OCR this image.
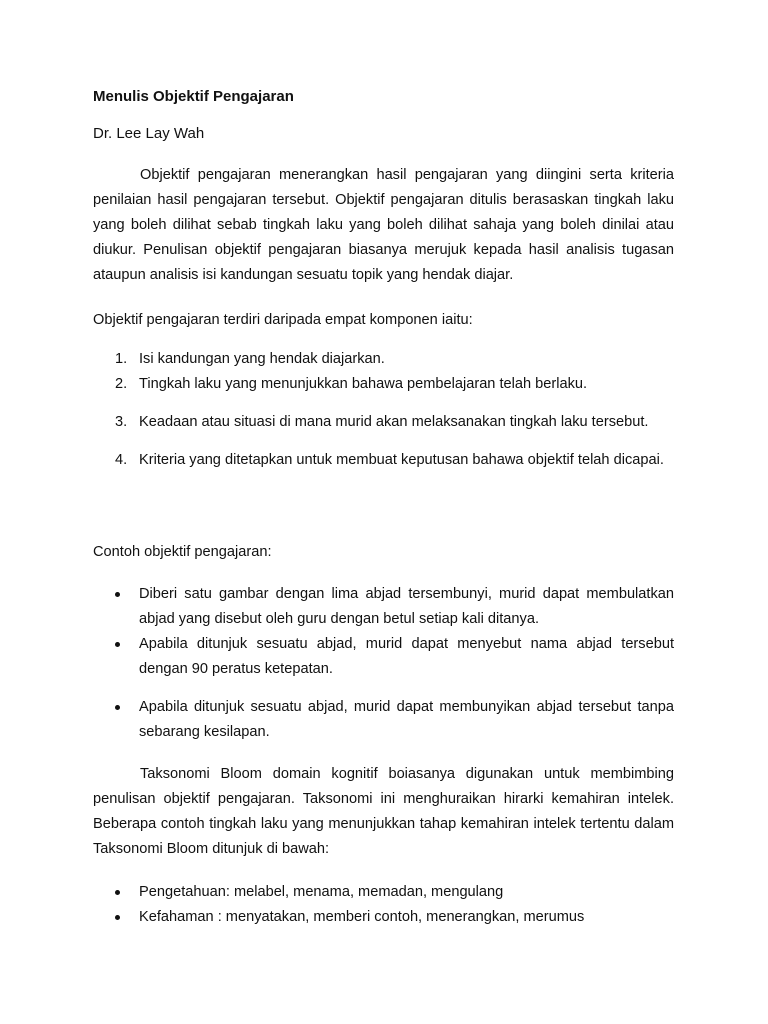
Menulis Objektif Pengajaran
Dr. Lee Lay Wah

Objektif pengajaran menerangkan hasil pengajaran yang diingini serta kriteria penilaian hasil pengajaran tersebut. Objektif pengajaran ditulis berasaskan tingkah laku yang boleh dilihat sebab tingkah laku yang boleh dilihat sahaja yang boleh dinilai atau diukur. Penulisan objektif pengajaran biasanya merujuk kepada hasil analisis tugasan ataupun analisis isi kandungan sesuatu topik yang hendak diajar.

Objektif pengajaran terdiri daripada empat komponen iaitu:

1. Isi kandungan yang hendak diajarkan.
2. Tingkah laku yang menunjukkan bahawa pembelajaran telah berlaku.
3. Keadaan atau situasi di mana murid akan melaksanakan tingkah laku tersebut.
4. Kriteria yang ditetapkan untuk membuat keputusan bahawa objektif telah dicapai.

Contoh objektif pengajaran:

Diberi satu gambar dengan lima abjad tersembunyi, murid dapat membulatkan abjad yang disebut oleh guru dengan betul setiap kali ditanya.
Apabila ditunjuk sesuatu abjad, murid dapat menyebut nama abjad tersebut dengan 90 peratus ketepatan.
Apabila ditunjuk sesuatu abjad, murid dapat membunyikan abjad tersebut tanpa sebarang kesilapan.

Taksonomi Bloom domain kognitif boiasanya digunakan untuk membimbing penulisan objektif pengajaran. Taksonomi ini menghuraikan hirarki kemahiran intelek. Beberapa contoh tingkah laku yang menunjukkan tahap kemahiran intelek tertentu dalam Taksonomi Bloom ditunjuk di bawah:

Pengetahuan: melabel, menama, memadan, mengulang
Kefahaman : menyatakan, memberi contoh, menerangkan, merumus
